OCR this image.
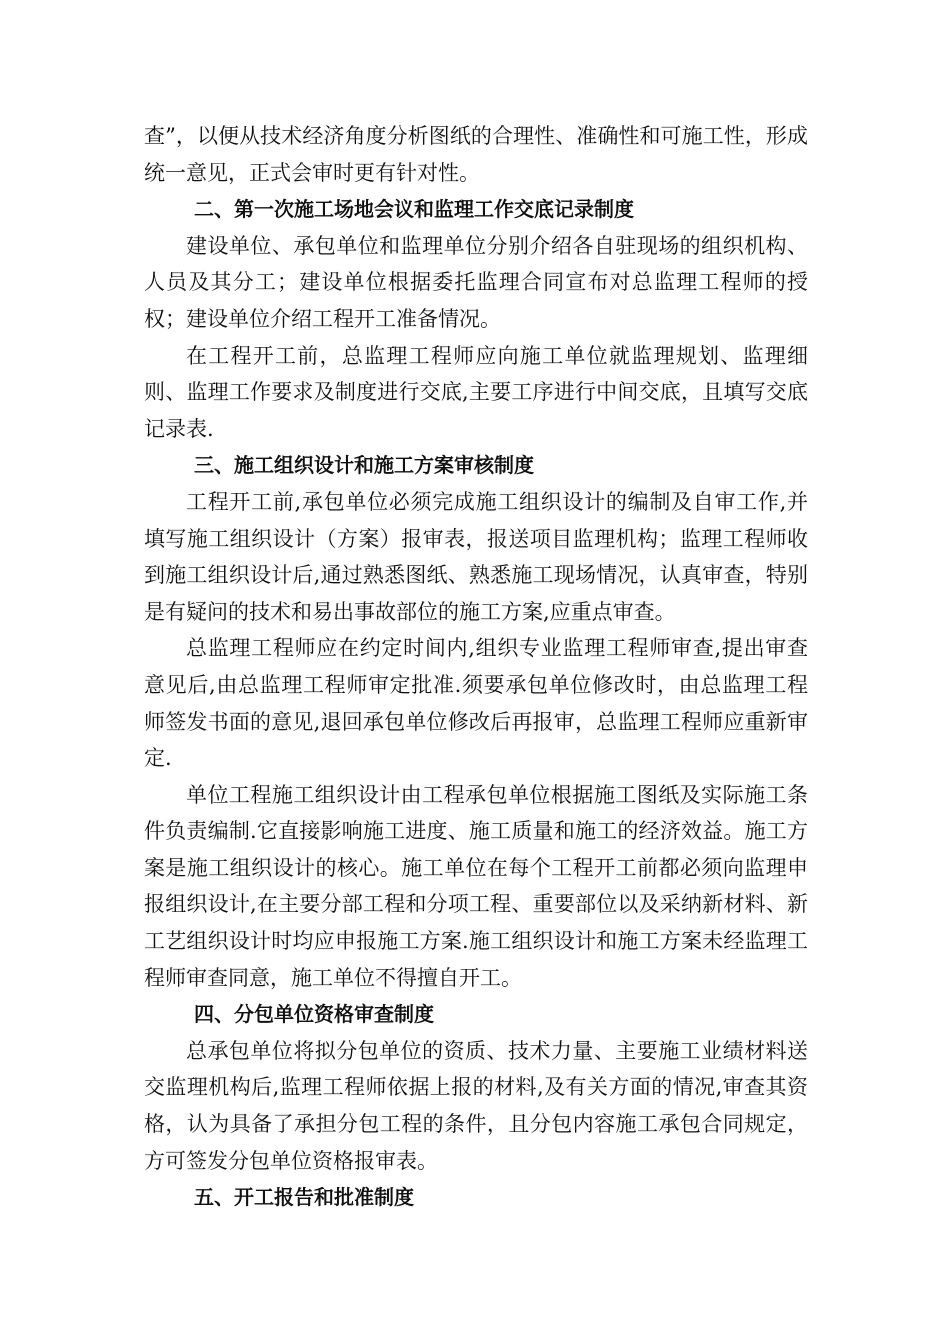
查”，以便从技术经济角度分析图纸的合理性、准确性和可施工性，形成统一意见，正式会审时更有针对性。

二、第一次施工场地会议和监理工作交底记录制度

建设单位、承包单位和监理单位分别介绍各自驻现场的组织机构、人员及其分工；建设单位根据委托监理合同宣布对总监理工程师的授权；建设单位介绍工程开工准备情况。

在工程开工前，总监理工程师应向施工单位就监理规划、监理细则、监理工作要求及制度进行交底,主要工序进行中间交底，且填写交底记录表.

三、施工组织设计和施工方案审核制度

工程开工前,承包单位必须完成施工组织设计的编制及自审工作,并填写施工组织设计（方案）报审表，报送项目监理机构；监理工程师收到施工组织设计后,通过熟悉图纸、熟悉施工现场情况，认真审查，特别是有疑问的技术和易出事故部位的施工方案,应重点审查。

总监理工程师应在约定时间内,组织专业监理工程师审查,提出审查意见后,由总监理工程师审定批准.须要承包单位修改时，由总监理工程师签发书面的意见,退回承包单位修改后再报审，总监理工程师应重新审定.

单位工程施工组织设计由工程承包单位根据施工图纸及实际施工条件负责编制.它直接影响施工进度、施工质量和施工的经济效益。施工方案是施工组织设计的核心。施工单位在每个工程开工前都必须向监理申报组织设计,在主要分部工程和分项工程、重要部位以及采纳新材料、新工艺组织设计时均应申报施工方案.施工组织设计和施工方案未经监理工程师审查同意，施工单位不得擅自开工。

四、分包单位资格审查制度

总承包单位将拟分包单位的资质、技术力量、主要施工业绩材料送交监理机构后,监理工程师依据上报的材料,及有关方面的情况,审查其资格，认为具备了承担分包工程的条件，且分包内容施工承包合同规定，方可签发分包单位资格报审表。

五、开工报告和批准制度
